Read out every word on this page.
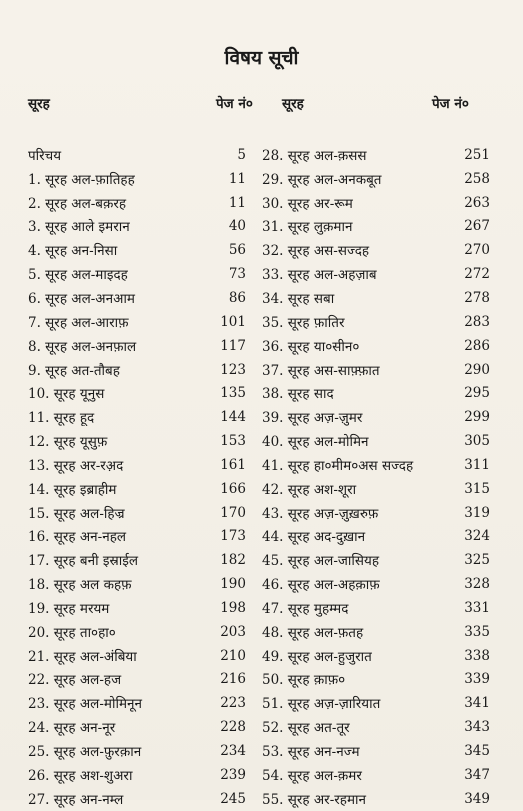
विषय सूची
सूरह	पेज नं० सूरह	पेज नं०
परिचय	5
1. सूरह अल-फ़ातिहह	11
2. सूरह अल-बक़रह	11
3. सूरह आले इमरान	40
4. सूरह अन-निसा	56
5. सूरह अल-माइदह	73
6. सूरह अल-अनआम	86
7. सूरह अल-आराफ़	101
8. सूरह अल-अनफ़ाल	117
9. सूरह अत-तौबह	123
10. सूरह यूनुस	135
11. सूरह हूद	144
12. सूरह यूसुफ़	153
13. सूरह अर-रअ़द	161
14. सूरह इब्राहीम	166
15. सूरह अल-हिज्र	170
16. सूरह अन-नहल	173
17. सूरह बनी इस्राईल	182
18. सूरह अल कहफ़	190
19. सूरह मरयम	198
20. सूरह ता०हा०	203
21. सूरह अल-अंबिया	210
22. सूरह अल-हज	216
23. सूरह अल-मोमिनून	223
24. सूरह अन-नूर	228
25. सूरह अल-फ़ुरक़ान	234
26. सूरह अश-शुअरा	239
27. सूरह अन-नम्ल	245
28. सूरह अल-क़सस	251
29. सूरह अल-अनकबूत	258
30. सूरह अर-रूम	263
31. सूरह लुक़मान	267
32. सूरह अस-सज्दह	270
33. सूरह अल-अहज़ाब	272
34. सूरह सबा	278
35. सूरह फ़ातिर	283
36. सूरह या०सीन०	286
37. सूरह अस-साफ़्फ़ात	290
38. सूरह साद	295
39. सूरह अज़-ज़ुमर	299
40. सूरह अल-मोमिन	305
41. सूरह हा०मीम०अस सज्दह	311
42. सूरह अश-शूरा	315
43. सूरह अज़-ज़ुख़रुफ़	319
44. सूरह अद-दुख़ान	324
45. सूरह अल-जासियह	325
46. सूरह अल-अहक़ाफ़	328
47. सूरह मुहम्मद	331
48. सूरह अल-फ़तह	335
49. सूरह अल-हुजुरात	338
50. सूरह क़ाफ़०	339
51. सूरह अज़-ज़ारियात	341
52. सूरह अत-तूर	343
53. सूरह अन-नज्म	345
54. सूरह अल-क़मर	347
55. सूरह अर-रहमान	349
